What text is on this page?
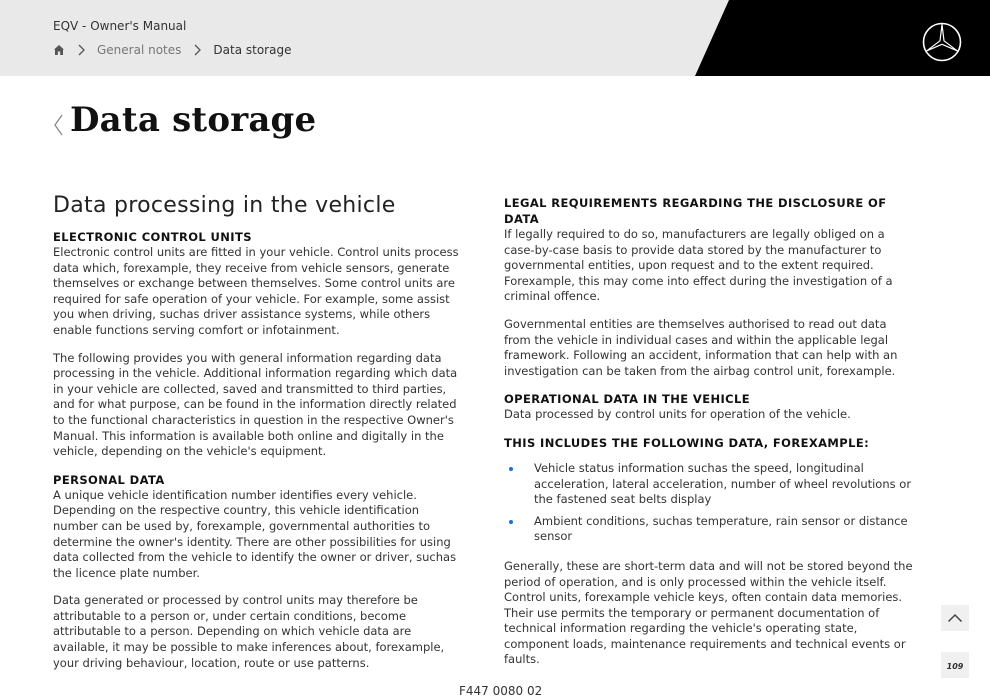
EQV - Owner's Manual
General notes	Data storage
Data storage
Data processing in the vehicle
ELECTRONIC CONTROL UNITS

Electronic control units are fitted in your vehicle. Control units process data which, forexample, they receive from vehicle sensors, generate themselves or exchange between themselves. Some control units are required for safe operation of your vehicle. For example, some assist you when driving, suchas driver assistance systems, while others enable functions serving comfort or infotainment.

The following provides you with general information regarding data processing in the vehicle. Additional information regarding which data in your vehicle are collected, saved and transmitted to third parties, and for what purpose, can be found in the information directly related to the functional characteristics in question in the respective Owner's Manual. This information is available both online and digitally in the vehicle, depending on the vehicle's equipment.

PERSONAL DATA

A unique vehicle identification number identifies every vehicle. Depending on the respective country, this vehicle identification number can be used by, forexample, governmental authorities to determine the owner's identity. There are other possibilities for using data collected from the vehicle to identify the owner or driver, suchas the licence plate number.

Data generated or processed by control units may therefore be attributable to a person or, under certain conditions, become attributable to a person. Depending on which vehicle data are available, it may be possible to make inferences about, forexample, your driving behaviour, location, route or use patterns.

LEGAL REQUIREMENTS REGARDING THE DISCLOSURE OF DATA

If legally required to do so, manufacturers are legally obliged on a case-by-case basis to provide data stored by the manufacturer to governmental entities, upon request and to the extent required. Forexample, this may come into effect during the investigation of a criminal offence.

Governmental entities are themselves authorised to read out data from the vehicle in individual cases and within the applicable legal framework. Following an accident, information that can help with an investigation can be taken from the airbag control unit, forexample.

OPERATIONAL DATA IN THE VEHICLE

Data processed by control units for operation of the vehicle.

THIS INCLUDES THE FOLLOWING DATA, FOREXAMPLE:
Vehicle status information suchas the speed, longitudinal acceleration, lateral acceleration, number of wheel revolutions or the fastened seat belts display
Ambient conditions, suchas temperature, rain sensor or distance sensor

Generally, these are short-term data and will not be stored beyond the period of operation, and is only processed within the vehicle itself. Control units, forexample vehicle keys, often contain data memories. Their use permits the temporary or permanent documentation of technical information regarding the vehicle's operating state, component loads, maintenance requirements and technical events or faults.

109
F447 0080 02
